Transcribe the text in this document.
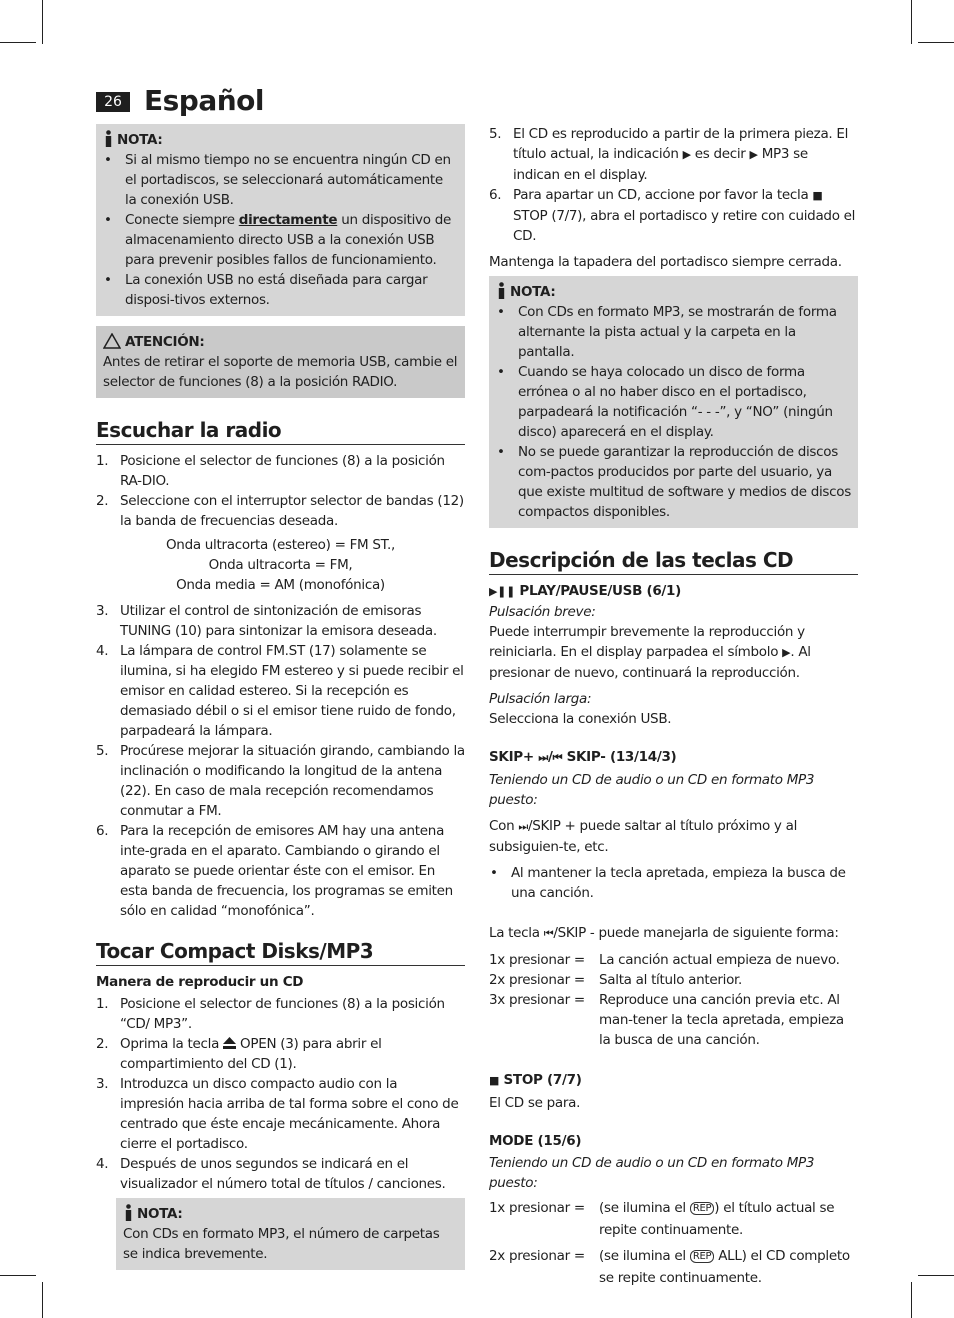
26 Español
NOTA:
• Si al mismo tiempo no se encuentra ningún CD en el portadiscos, se seleccionará automáticamente la conexión USB.
• Conecte siempre directamente un dispositivo de almacenamiento directo USB a la conexión USB para prevenir posibles fallos de funcionamiento.
• La conexión USB no está diseñada para cargar disposi-tivos externos.
ATENCIÓN:
Antes de retirar el soporte de memoria USB, cambie el selector de funciones (8) a la posición RADIO.
Escuchar la radio
1. Posicione el selector de funciones (8) a la posición RA-DIO.
2. Seleccione con el interruptor selector de bandas (12) la banda de frecuencias deseada.
Onda ultracorta (estereo) = FM ST.,
Onda ultracorta = FM,
Onda media = AM (monofónica)
3. Utilizar el control de sintonización de emisoras TUNING (10) para sintonizar la emisora deseada.
4. La lámpara de control FM.ST (17) solamente se ilumina, si ha elegido FM estereo y si puede recibir el emisor en calidad estereo. Si la recepción es demasiado débil o si el emisor tiene ruido de fondo, parpadeará la lámpara.
5. Procúrese mejorar la situación girando, cambiando la inclinación o modificando la longitud de la antena (22). En caso de mala recepción recomendamos conmutar a FM.
6. Para la recepción de emisores AM hay una antena inte-grada en el aparato. Cambiando o girando el aparato se puede orientar éste con el emisor. En esta banda de frecuencia, los programas se emiten sólo en calidad “monofónica”.
Tocar Compact Disks/MP3
Manera de reproducir un CD
1. Posicione el selector de funciones (8) a la posición “CD/ MP3”.
2. Oprima la tecla  OPEN (3) para abrir el compartimiento del CD (1).
3. Introduzca un disco compacto audio con la impresión hacia arriba de tal forma sobre el cono de centrado que éste encaje mecánicamente. Ahora cierre el portadisco.
4. Después de unos segundos se indicará en el visualizador el número total de títulos / canciones.
NOTA:
Con CDs en formato MP3, el número de carpetas se indica brevemente.
5. El CD es reproducido a partir de la primera pieza. El título actual, la indicación ▶ es decir ▶ MP3 se indican en el display.
6. Para apartar un CD, accione por favor la tecla ■ STOP (7/7), abra el portadisco y retire con cuidado el CD.
Mantenga la tapadera del portadisco siempre cerrada.
NOTA:
• Con CDs en formato MP3, se mostrarán de forma alternante la pista actual y la carpeta en la pantalla.
• Cuando se haya colocado un disco de forma errónea o al no haber disco en el portadisco, parpadeará la notificación “- - -”, y “NO” (ningún disco) aparecerá en el display.
• No se puede garantizar la reproducción de discos com-pactos producidos por parte del usuario, ya que existe multitud de software y medios de discos compactos disponibles.
Descripción de las teclas CD
▶❚❚ PLAY/PAUSE/USB (6/1)
Pulsación breve:
Puede interrumpir brevemente la reproducción y reiniciarla. En el display parpadea el símbolo ▶. Al presionar de nuevo, continuará la reproducción.
Pulsación larga:
Selecciona la conexión USB.
SKIP+ ⏭/⏮ SKIP- (13/14/3)
Teniendo un CD de audio o un CD en formato MP3 puesto:
Con ⏭/SKIP + puede saltar al título próximo y al subsiguien-te, etc.
• Al mantener la tecla apretada, empieza la busca de una canción.
La tecla ⏮/SKIP - puede manejarla de siguiente forma:
1x presionar =	La canción actual empieza de nuevo.
2x presionar =	Salta al título anterior.
3x presionar =	Reproduce una canción previa etc. Al man-tener la tecla apretada, empieza la busca de una canción.
■ STOP (7/7)
El CD se para.
MODE (15/6)
Teniendo un CD de audio o un CD en formato MP3 puesto:
1x presionar =	(se ilumina el REP ) el título actual se repite continuamente.
2x presionar =	(se ilumina el REP ALL) el CD completo se repite continuamente.
